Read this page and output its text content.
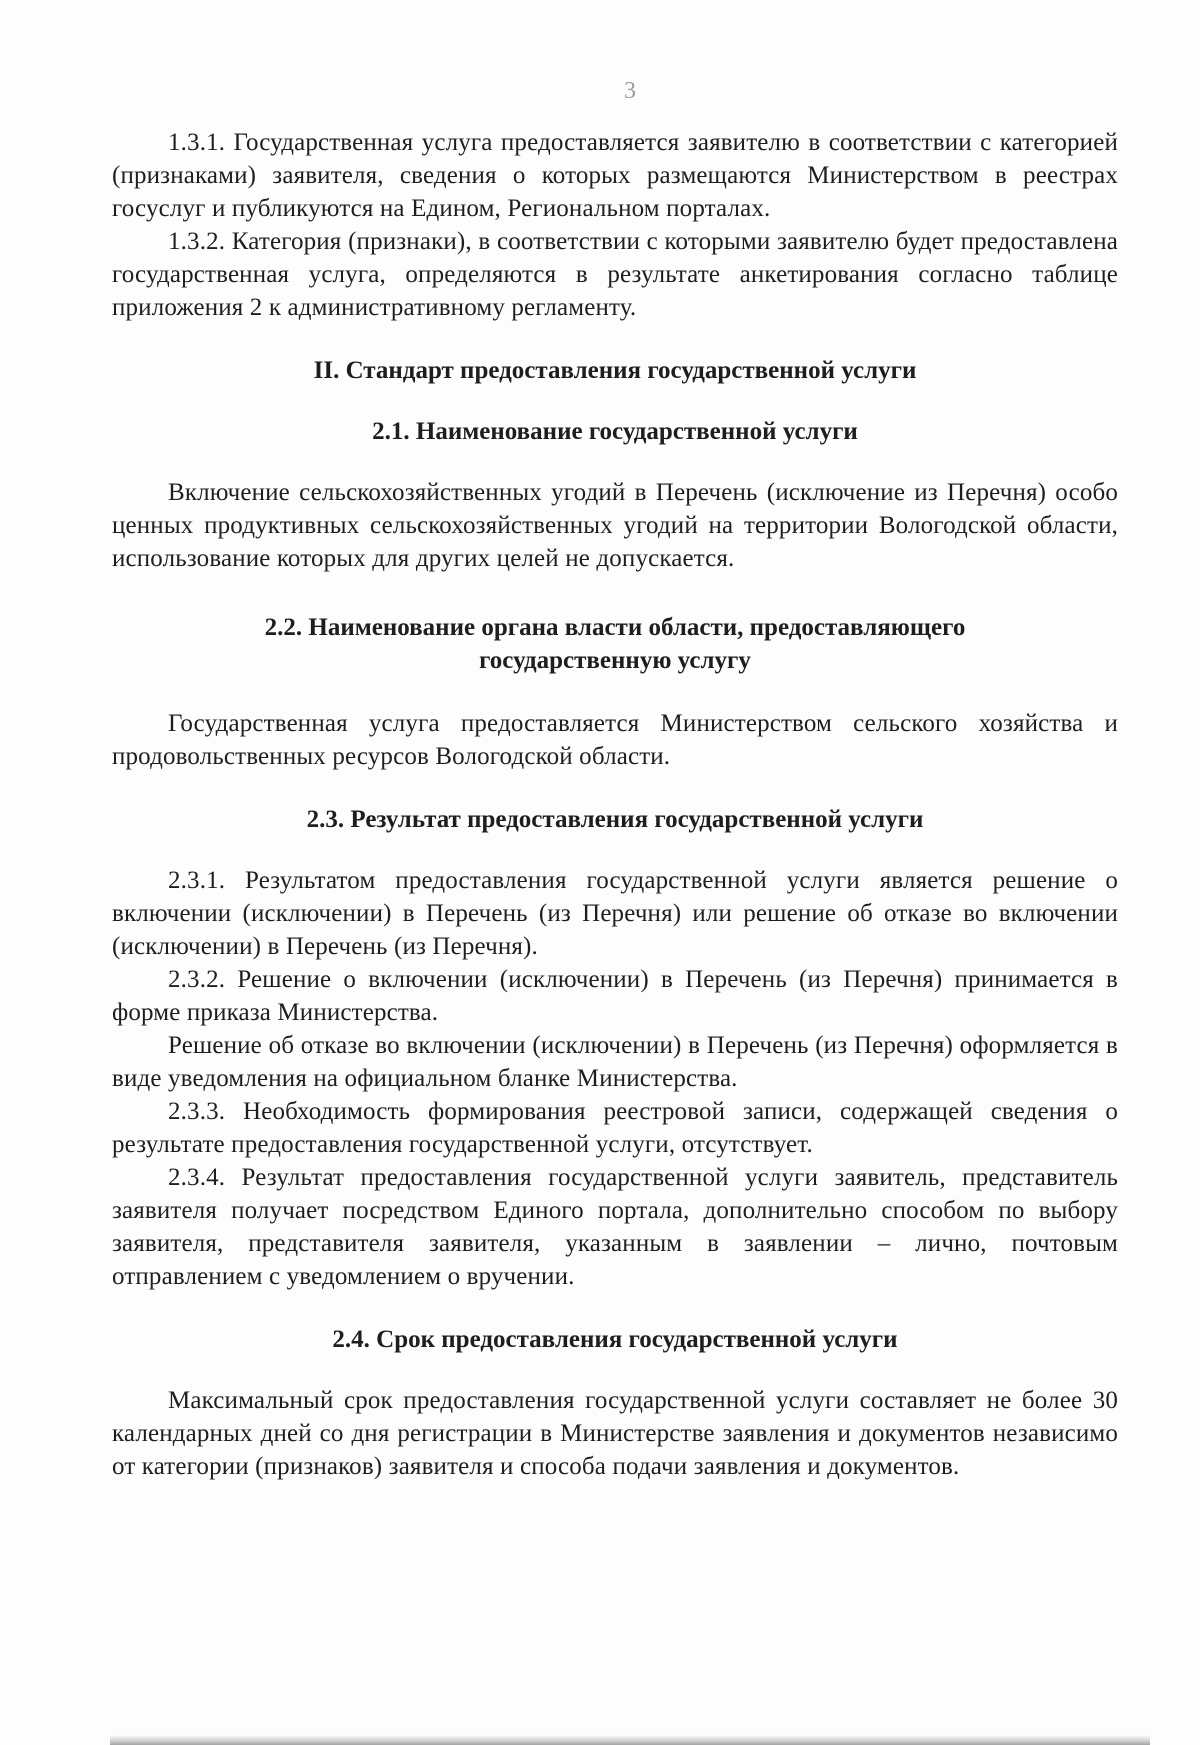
3

1.3.1. Государственная услуга предоставляется заявителю в соответствии с категорией (признаками) заявителя, сведения о которых размещаются Министерством в реестрах госуслуг и публикуются на Едином, Региональном порталах.

1.3.2. Категория (признаки), в соответствии с которыми заявителю будет предоставлена государственная услуга, определяются в результате анкетирования согласно таблице приложения 2 к административному регламенту.

II. Стандарт предоставления государственной услуги
2.1. Наименование государственной услуги

Включение сельскохозяйственных угодий в Перечень (исключение из Перечня) особо ценных продуктивных сельскохозяйственных угодий на территории Вологодской области, использование которых для других целей не допускается.

2.2. Наименование органа власти области, предоставляющего
государственную услугу

Государственная услуга предоставляется Министерством сельского хозяйства и продовольственных ресурсов Вологодской области.

2.3. Результат предоставления государственной услуги

2.3.1. Результатом предоставления государственной услуги является решение о включении (исключении) в Перечень (из Перечня) или решение об отказе во включении (исключении) в Перечень (из Перечня).

2.3.2. Решение о включении (исключении) в Перечень (из Перечня) принимается в форме приказа Министерства.

Решение об отказе во включении (исключении) в Перечень (из Перечня) оформляется в виде уведомления на официальном бланке Министерства.

2.3.3. Необходимость формирования реестровой записи, содержащей сведения о результате предоставления государственной услуги, отсутствует.

2.3.4. Результат предоставления государственной услуги заявитель, представитель заявителя получает посредством Единого портала, дополнительно способом по выбору заявителя, представителя заявителя, указанным в заявлении – лично, почтовым отправлением с уведомлением о вручении.

2.4. Срок предоставления государственной услуги

Максимальный срок предоставления государственной услуги составляет не более 30 календарных дней со дня регистрации в Министерстве заявления и документов независимо от категории (признаков) заявителя и способа подачи заявления и документов.
